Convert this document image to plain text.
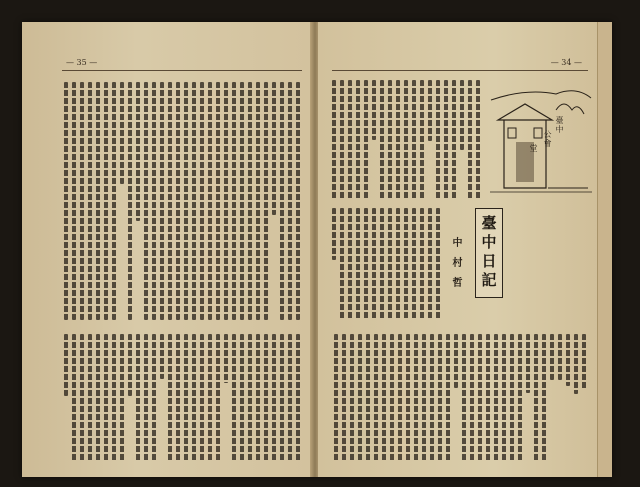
— 35 —	— 34 —
臺中
公會
堂
臺中日記
中村哲
